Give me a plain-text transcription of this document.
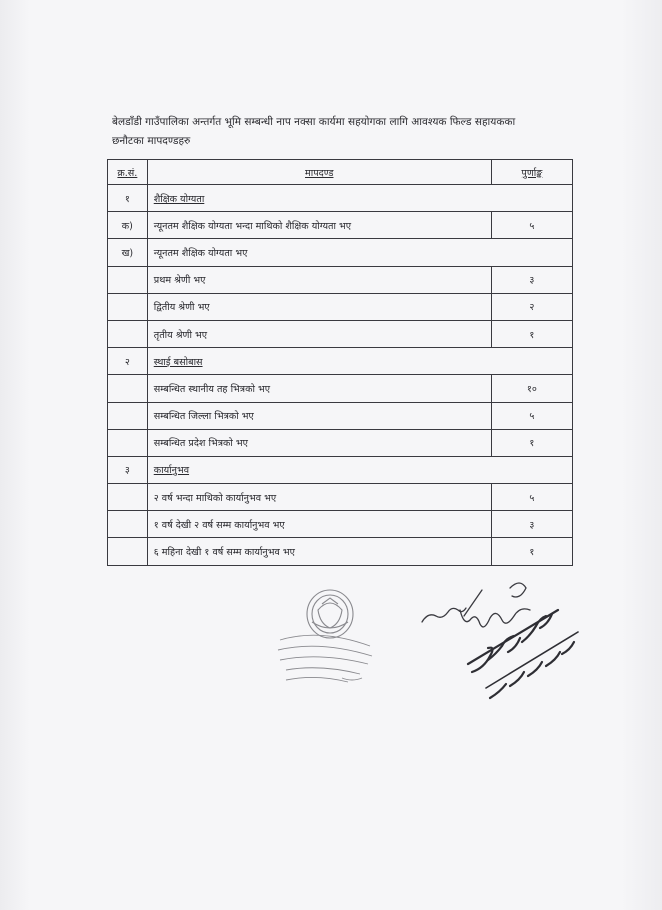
बेलडाँडी गाउँपालिका अन्तर्गत भूमि सम्बन्धी नाप नक्सा कार्यमा सहयोगका लागि आवश्यक फिल्ड सहायकका
छनौटका मापदण्डहरु
क्र.सं.	मापदण्ड	पुर्णाङ्क
१	शैक्षिक योग्यता	
क)	न्यूनतम शैक्षिक योग्यता भन्दा माथिको शैक्षिक योग्यता भए	५
ख)	न्यूनतम शैक्षिक योग्यता भए	
	प्रथम श्रेणी भए	३
	द्वितीय श्रेणी भए	२
	तृतीय श्रेणी भए	१
२	स्थाई बसोबास	
	सम्बन्धित स्थानीय तह भित्रको भए	१०
	सम्बन्धित जिल्ला भित्रको भए	५
	सम्बन्धित प्रदेश भित्रको भए	१
३	कार्यानुभव	
	२ वर्ष भन्दा माथिको कार्यानुभव भए	५
	१ वर्ष देखी २ वर्ष सम्म कार्यानुभव भए	३
	६ महिना देखी १ वर्ष सम्म कार्यानुभव भए	१
